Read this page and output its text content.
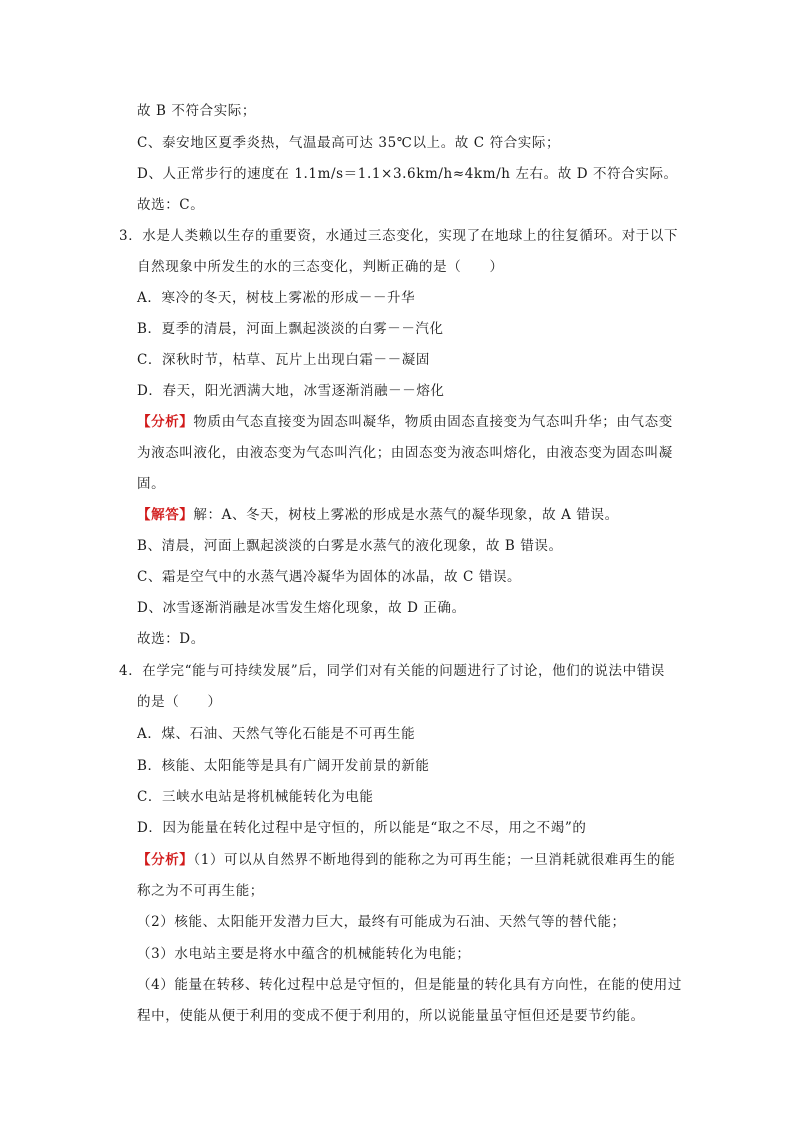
故 B 不符合实际；
C、泰安地区夏季炎热，气温最高可达 35℃以上。故 C 符合实际；
D、人正常步行的速度在 1.1m/s＝1.1×3.6km/h≈4km/h 左右。故 D 不符合实际。
故选：C。
3．水是人类赖以生存的重要资，水通过三态变化，实现了在地球上的往复循环。对于以下
自然现象中所发生的水的三态变化，判断正确的是（　　）
A．寒冷的冬天，树枝上雾凇的形成－－升华
B．夏季的清晨，河面上飘起淡淡的白雾－－汽化
C．深秋时节，枯草、瓦片上出现白霜－－凝固
D．春天，阳光洒满大地，冰雪逐渐消融－－熔化
【分析】物质由气态直接变为固态叫凝华，物质由固态直接变为气态叫升华；由气态变
为液态叫液化，由液态变为气态叫汽化；由固态变为液态叫熔化，由液态变为固态叫凝
固。
【解答】解：A、冬天，树枝上雾凇的形成是水蒸气的凝华现象，故 A 错误。
B、清晨，河面上飘起淡淡的白雾是水蒸气的液化现象，故 B 错误。
C、霜是空气中的水蒸气遇冷凝华为固体的冰晶，故 C 错误。
D、冰雪逐渐消融是冰雪发生熔化现象，故 D 正确。
故选：D。
4．在学完“能与可持续发展”后，同学们对有关能的问题进行了讨论，他们的说法中错误
的是（　　）
A．煤、石油、天然气等化石能是不可再生能
B．核能、太阳能等是具有广阔开发前景的新能
C．三峡水电站是将机械能转化为电能
D．因为能量在转化过程中是守恒的，所以能是“取之不尽，用之不竭”的
【分析】（1）可以从自然界不断地得到的能称之为可再生能；一旦消耗就很难再生的能
称之为不可再生能；
（2）核能、太阳能开发潜力巨大，最终有可能成为石油、天然气等的替代能；
（3）水电站主要是将水中蕴含的机械能转化为电能；
（4）能量在转移、转化过程中总是守恒的，但是能量的转化具有方向性，在能的使用过
程中，使能从便于利用的变成不便于利用的，所以说能量虽守恒但还是要节约能。
